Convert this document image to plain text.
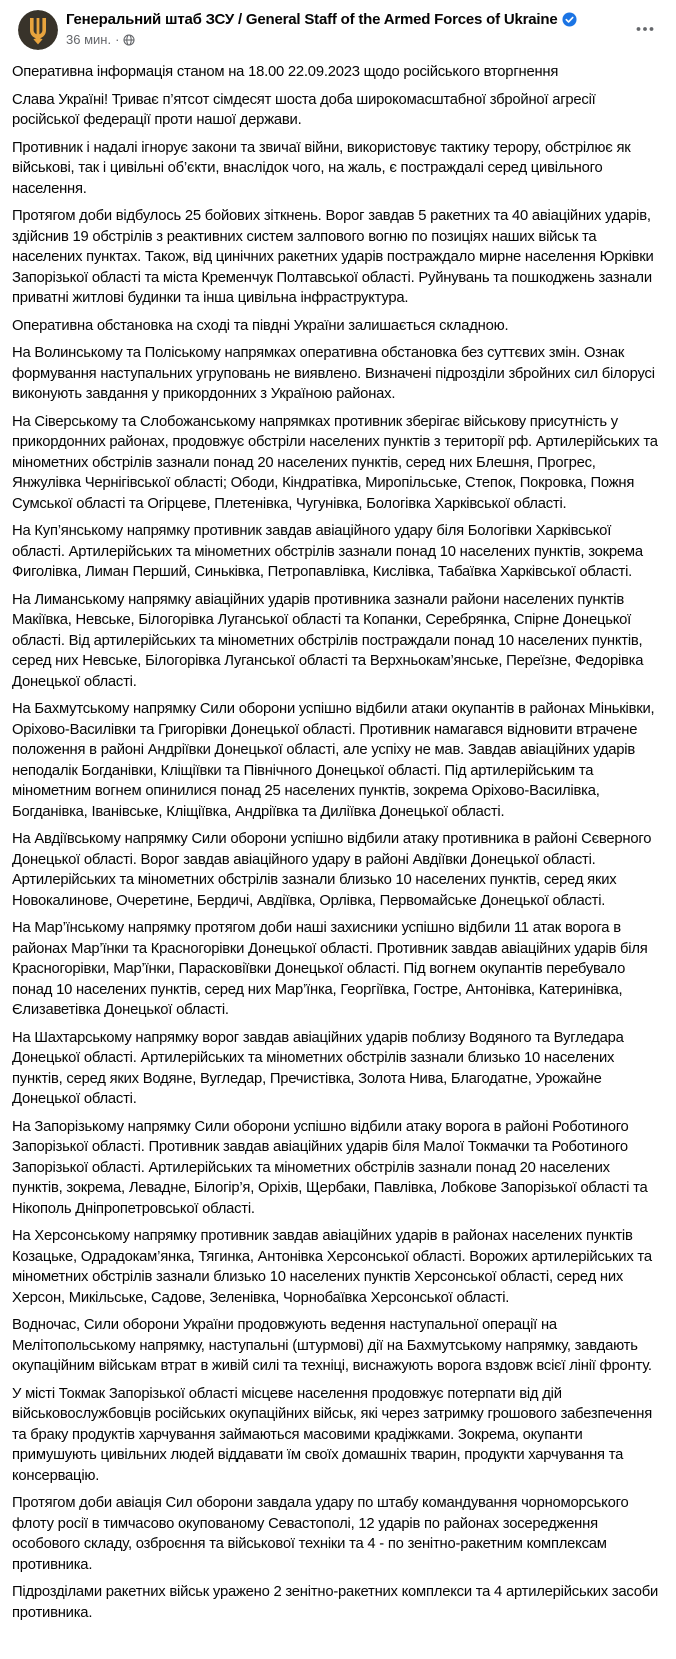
Генеральний штаб ЗСУ / General Staff of the Armed Forces of Ukraine
36 мин. ·

Оперативна інформація станом на 18.00 22.09.2023 щодо російського вторгнення

Слава Україні! Триває п’ятсот сімдесят шоста доба широкомасштабної збройної агресії російської федерації проти нашої держави.

Противник і надалі ігнорує закони та звичаї війни, використовує тактику терору, обстрілює як військові, так і цивільні об’єкти, внаслідок чого, на жаль, є постраждалі серед цивільного населення.

Протягом доби відбулось 25 бойових зіткнень. Ворог завдав 5 ракетних та 40 авіаційних ударів, здійснив 19 обстрілів з реактивних систем залпового вогню по позиціях наших військ та населених пунктах. Також, від цинічних ракетних ударів постраждало мирне населення Юрківки Запорізької області та міста Кременчук Полтавської області. Руйнувань та пошкоджень зазнали приватні житлові будинки та інша цивільна інфраструктура.

Оперативна обстановка на сході та півдні України залишається складною.

На Волинському та Поліському напрямках оперативна обстановка без суттєвих змін. Ознак формування наступальних угруповань не виявлено. Визначені підрозділи збройних сил білорусі виконують завдання у прикордонних з Україною районах.

На Сіверському та Слобожанському напрямках противник зберігає військову присутність у прикордонних районах, продовжує обстріли населених пунктів з території рф. Артилерійських та мінометних обстрілів зазнали понад 20 населених пунктів, серед них Блешня, Прогрес, Янжулівка Чернігівської області; Ободи, Кіндратівка, Миропільське, Степок, Покровка, Пожня Сумської області та Огірцеве, Плетенівка, Чугунівка, Бологівка Харківської області.

На Куп’янському напрямку противник завдав авіаційного удару біля Бологівки Харківської області. Артилерійських та мінометних обстрілів зазнали понад 10 населених пунктів, зокрема Фиголівка, Лиман Перший, Синьківка, Петропавлівка, Кислівка, Табаївка Харківської області.

На Лиманському напрямку авіаційних ударів противника зазнали райони населених пунктів Макіївка, Невське, Білогорівка Луганської області та Копанки, Серебрянка, Спірне Донецької області. Від артилерійських та мінометних обстрілів постраждали понад 10 населених пунктів, серед них Невське, Білогорівка Луганської області та Верхньокам’янське, Переїзне, Федорівка Донецької області.

На Бахмутському напрямку Сили оборони успішно відбили атаки окупантів в районах Міньківки, Оріхово-Василівки та Григорівки Донецької області. Противник намагався відновити втрачене положення в районі Андріївки Донецької області, але успіху не мав. Завдав авіаційних ударів неподалік Богданівки, Кліщіївки та Північного Донецької області. Під артилерійським та мінометним вогнем опинилися понад 25 населених пунктів, зокрема Оріхово-Василівка, Богданівка, Іванівське, Кліщіївка, Андріївка та Диліївка Донецької області.

На Авдіївському напрямку Сили оборони успішно відбили атаку противника в районі Сєверного Донецької області. Ворог завдав авіаційного удару в районі Авдіївки Донецької області. Артилерійських та мінометних обстрілів зазнали близько 10 населених пунктів, серед яких Новокалинове, Очеретине, Бердичі, Авдіївка, Орлівка, Первомайське Донецької області.

На Мар’їнському напрямку протягом доби наші захисники успішно відбили 11 атак ворога в районах Мар’їнки та Красногорівки Донецької області. Противник завдав авіаційних ударів біля Красногорівки, Мар’їнки, Парасковіївки Донецької області. Під вогнем окупантів перебувало понад 10 населених пунктів, серед них Мар’їнка, Георгіївка, Гостре, Антонівка, Катеринівка, Єлизаветівка Донецької області.

На Шахтарському напрямку ворог завдав авіаційних ударів поблизу Водяного та Вугледара Донецької області. Артилерійських та мінометних обстрілів зазнали близько 10 населених пунктів, серед яких Водяне, Вугледар, Пречистівка, Золота Нива, Благодатне, Урожайне Донецької області.

На Запорізькому напрямку Сили оборони успішно відбили атаку ворога в районі Роботиного Запорізької області. Противник завдав авіаційних ударів біля Малої Токмачки та Роботиного Запорізької області. Артилерійських та мінометних обстрілів зазнали понад 20 населених пунктів, зокрема, Левадне, Білогір’я, Оріхів, Щербаки, Павлівка, Лобкове Запорізької області та Нікополь Дніпропетровської області.

На Херсонському напрямку противник завдав авіаційних ударів в районах населених пунктів Козацьке, Одрадокам’янка, Тягинка, Антонівка Херсонської області. Ворожих артилерійських та мінометних обстрілів зазнали близько 10 населених пунктів Херсонської області, серед них Херсон, Микільське, Садове, Зеленівка, Чорнобаївка Херсонської області.

Водночас, Сили оборони України продовжують ведення наступальної операції на Мелітопольському напрямку, наступальні (штурмові) дії на Бахмутському напрямку, завдають окупаційним військам втрат в живій силі та техніці, виснажують ворога вздовж всієї лінії фронту.

У місті Токмак Запорізької області місцеве населення продовжує потерпати від дій військовослужбовців російських окупаційних військ, які через затримку грошового забезпечення та браку продуктів харчування займаються масовими крадіжками. Зокрема, окупанти примушують цивільних людей віддавати їм своїх домашніх тварин, продукти харчування та консервацію.

Протягом доби авіація Сил оборони завдала удару по штабу командування чорноморського флоту росії в тимчасово окупованому Севастополі, 12 ударів по районах зосередження особового складу, озброєння та військової техніки та 4 - по зенітно-ракетним комплексам противника.

Підрозділами ракетних військ уражено 2 зенітно-ракетних комплекси та 4 артилерійських засоби противника.
